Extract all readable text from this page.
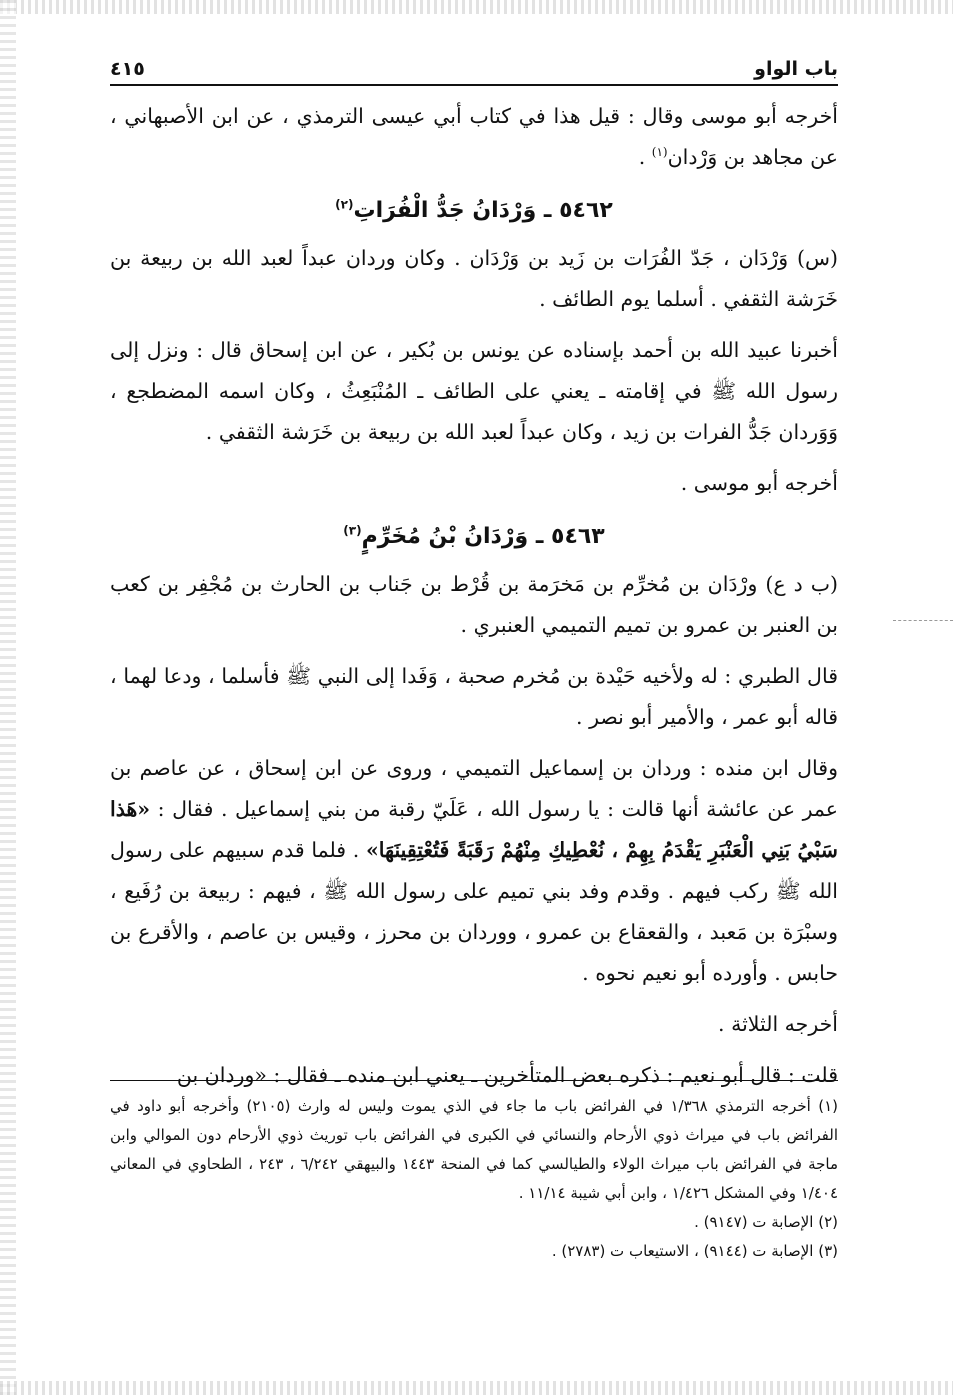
باب الواو
٤١٥

أخرجه أبو موسى وقال : قيل هذا في كتاب أبي عيسى الترمذي ، عن ابن الأصبهاني ، عن مجاهد بن وَرْدان$^{(١)}$ .

٥٤٦٢ ـ وَرْدَانُ جَدُّ الْفُرَاتِ$^{(٢)}$

(س) وَرْدَان ، جَدّ الفُرَات بن زَيد بن وَرْدَان . وكان وردان عبداً لعبد الله بن ربيعة بن خَرَشة الثقفي . أسلما يوم الطائف .

أخبرنا عبيد الله بن أحمد بإسناده عن يونس بن بُكير ، عن ابن إسحاق قال : ونزل إلى رسول الله ﷺ في إقامته ـ يعني على الطائف ـ المُنْبَعِثُ ، وكان اسمه المضطجع ، وَوَردان جَدُّ الفرات بن زيد ، وكان عبداً لعبد الله بن ربيعة بن خَرَشة الثقفي .

أخرجه أبو موسى .

٥٤٦٣ ـ وَرْدَانُ بْنُ مُخَرِّمٍ$^{(٣)}$

(ب د ع) ورْدَان بن مُخرِّم بن مَخرَمة بن قُرْط بن جَناب بن الحارث بن مُجْفِر بن كعب بن العنبر بن عمرو بن تميم التميمي العنبري .

قال الطبري : له ولأخيه حَيْدة بن مُخرم صحبة ، وَفَدا إلى النبي ﷺ فأسلما ، ودعا لهما ، قاله أبو عمر ، والأمير أبو نصر .

وقال ابن منده : وردان بن إسماعيل التميمي ، وروى عن ابن إسحاق ، عن عاصم بن عمر عن عائشة أنها قالت : يا رسول الله ، عَلَيّ رقبة من بني إسماعيل . فقال : «هَذا سَبْيُ بَنِي الْعَنْبَرِ يَقْدَمُ بِهِمْ ، نُعْطِيكِ مِنْهُمْ رَقَبَةً فَتُعْتِقِينَهَا» . فلما قدم سبيهم على رسول الله ﷺ ركب فيهم . وقدم وفد بني تميم على رسول الله ﷺ ، فيهم : ربيعة بن رُفَيع ، وسبْرَة بن مَعبد ، والقعقاع بن عمرو ، ووردان بن محرز ، وقيس بن عاصم ، والأقرع بن حابس . وأورده أبو نعيم نحوه .

أخرجه الثلاثة .

قلت : قال أبو نعيم : ذكره بعض المتأخرين ـ يعني ابن منده ـ فقال : «وردان بن

(١) أخرجه الترمذي ١/٣٦٨ في الفرائض باب ما جاء في الذي يموت وليس له وارث (٢١٠٥) وأخرجه أبو داود في الفرائض باب في ميراث ذوي الأرحام والنسائي في الكبرى في الفرائض باب توريث ذوي الأرحام دون الموالي وابن ماجة في الفرائض باب ميراث الولاء والطيالسي كما في المنحة ١٤٤٣ والبيهقي ٦/٢٤٢ ، ٢٤٣ ، الطحاوي في المعاني ١/٤٠٤ وفي المشكل ١/٤٢٦ ، وابن أبي شيبة ١١/١٤ .

(٢) الإصابة ت (٩١٤٧) .

(٣) الإصابة ت (٩١٤٤) ، الاستيعاب ت (٢٧٨٣) .
